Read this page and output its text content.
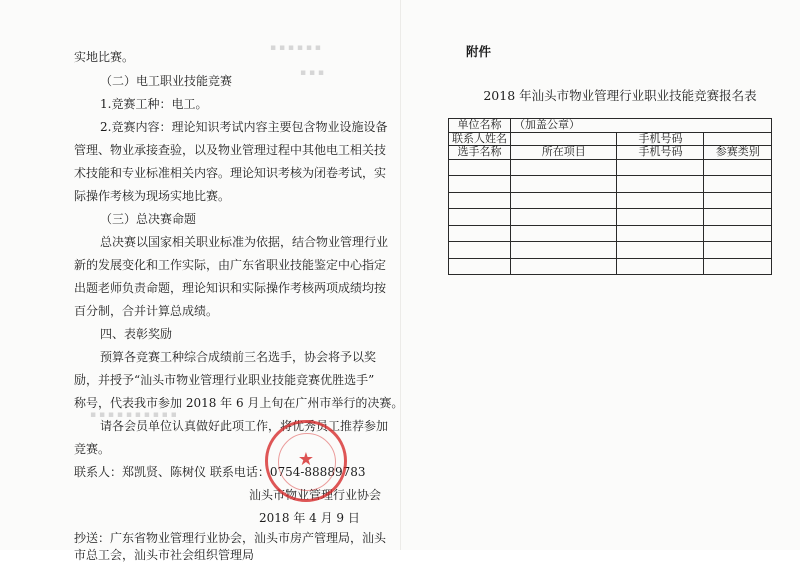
▪ ▪ ▪ ▪ ▪ ▪
▪ ▪ ▪
▪ ▪ ▪ ▪ ▪ ▪ ▪ ▪ ▪ ▪
实地比赛。
（二）电工职业技能竞赛
1.竞赛工种：电工。
2.竞赛内容：理论知识考试内容主要包含物业设施设备
管理、物业承接查验，以及物业管理过程中其他电工相关技
术技能和专业标准相关内容。理论知识考核为闭卷考试，实
际操作考核为现场实地比赛。
（三）总决赛命题
总决赛以国家相关职业标准为依据，结合物业管理行业
新的发展变化和工作实际，由广东省职业技能鉴定中心指定
出题老师负责命题，理论知识和实际操作考核两项成绩均按
百分制，合并计算总成绩。
四、表彰奖励
预算各竞赛工种综合成绩前三名选手，协会将予以奖
励，并授予“汕头市物业管理行业职业技能竞赛优胜选手”
称号，代表我市参加 2018 年 6 月上旬在广州市举行的决赛。
请各会员单位认真做好此项工作，将优秀员工推荐参加
竞赛。
联系人：郑凯贤、陈树仪 联系电话：0754-88889783
汕头市物业管理行业协会
2018 年 4 月 9 日
抄送：广东省物业管理行业协会，汕头市房产管理局，汕头
市总工会，汕头市社会组织管理局
★
附件
2018 年汕头市物业管理行业职业技能竞赛报名表
单位名称	（加盖公章）		
联系人姓名		手机号码	
选手名称	所在项目	手机号码	参赛类别
